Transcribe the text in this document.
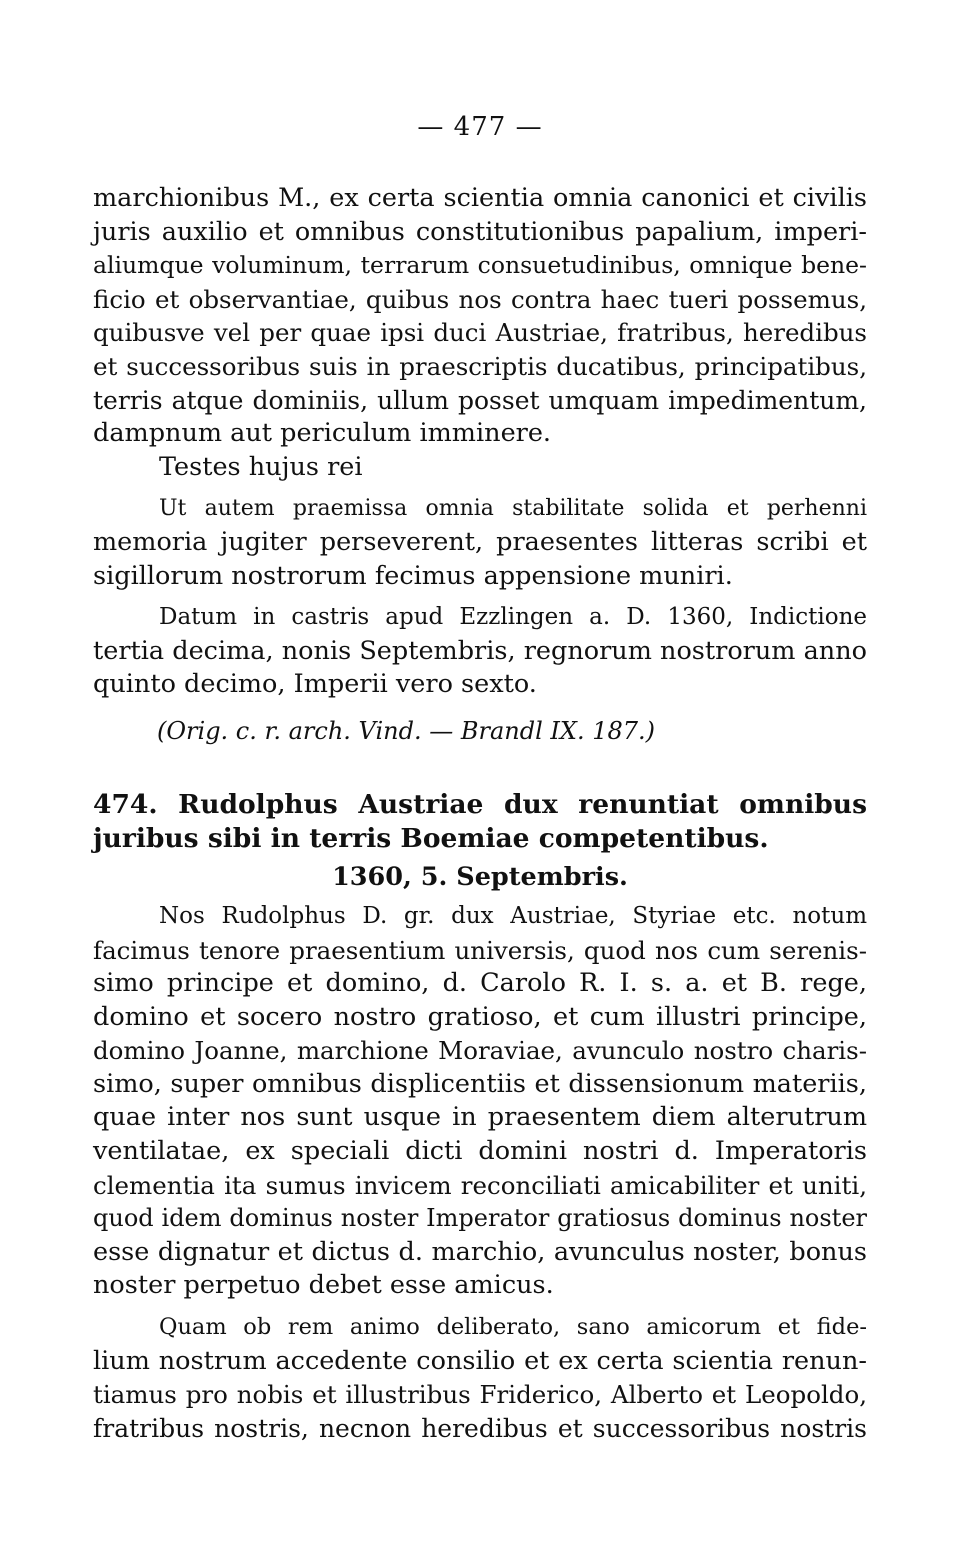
— 477 —

marchionibus M., ex certa scientia omnia canonici et civilis
juris auxilio et omnibus constitutionibus papalium, imperi-
aliumque voluminum, terrarum consuetudinibus, omnique bene-
ficio et observantiae, quibus nos contra haec tueri possemus,
quibusve vel per quae ipsi duci Austriae, fratribus, heredibus
et successoribus suis in praescriptis ducatibus, principatibus,
terris atque dominiis, ullum posset umquam impedimentum,
dampnum aut periculum imminere.

Testes hujus rei

Ut autem praemissa omnia stabilitate solida et perhenni
memoria jugiter perseverent, praesentes litteras scribi et
sigillorum nostrorum fecimus appensione muniri.

Datum in castris apud Ezzlingen a. D. 1360, Indictione
tertia decima, nonis Septembris, regnorum nostrorum anno
quinto decimo, Imperii vero sexto.

(Orig. c. r. arch. Vind. — Brandl IX. 187.)

474. Rudolphus Austriae dux renuntiat omnibus
juribus sibi in terris Boemiae competentibus.
1360, 5. Septembris.

Nos Rudolphus D. gr. dux Austriae, Styriae etc. notum
facimus tenore praesentium universis, quod nos cum serenis-
simo principe et domino, d. Carolo R. I. s. a. et B. rege,
domino et socero nostro gratioso, et cum illustri principe,
domino Joanne, marchione Moraviae, avunculo nostro charis-
simo, super omnibus displicentiis et dissensionum materiis,
quae inter nos sunt usque in praesentem diem alterutrum
ventilatae, ex speciali dicti domini nostri d. Imperatoris
clementia ita sumus invicem reconciliati amicabiliter et uniti,
quod idem dominus noster Imperator gratiosus dominus noster
esse dignatur et dictus d. marchio, avunculus noster, bonus
noster perpetuo debet esse amicus.

Quam ob rem animo deliberato, sano amicorum et fide-
lium nostrum accedente consilio et ex certa scientia renun-
tiamus pro nobis et illustribus Friderico, Alberto et Leopoldo,
fratribus nostris, necnon heredibus et successoribus nostris
